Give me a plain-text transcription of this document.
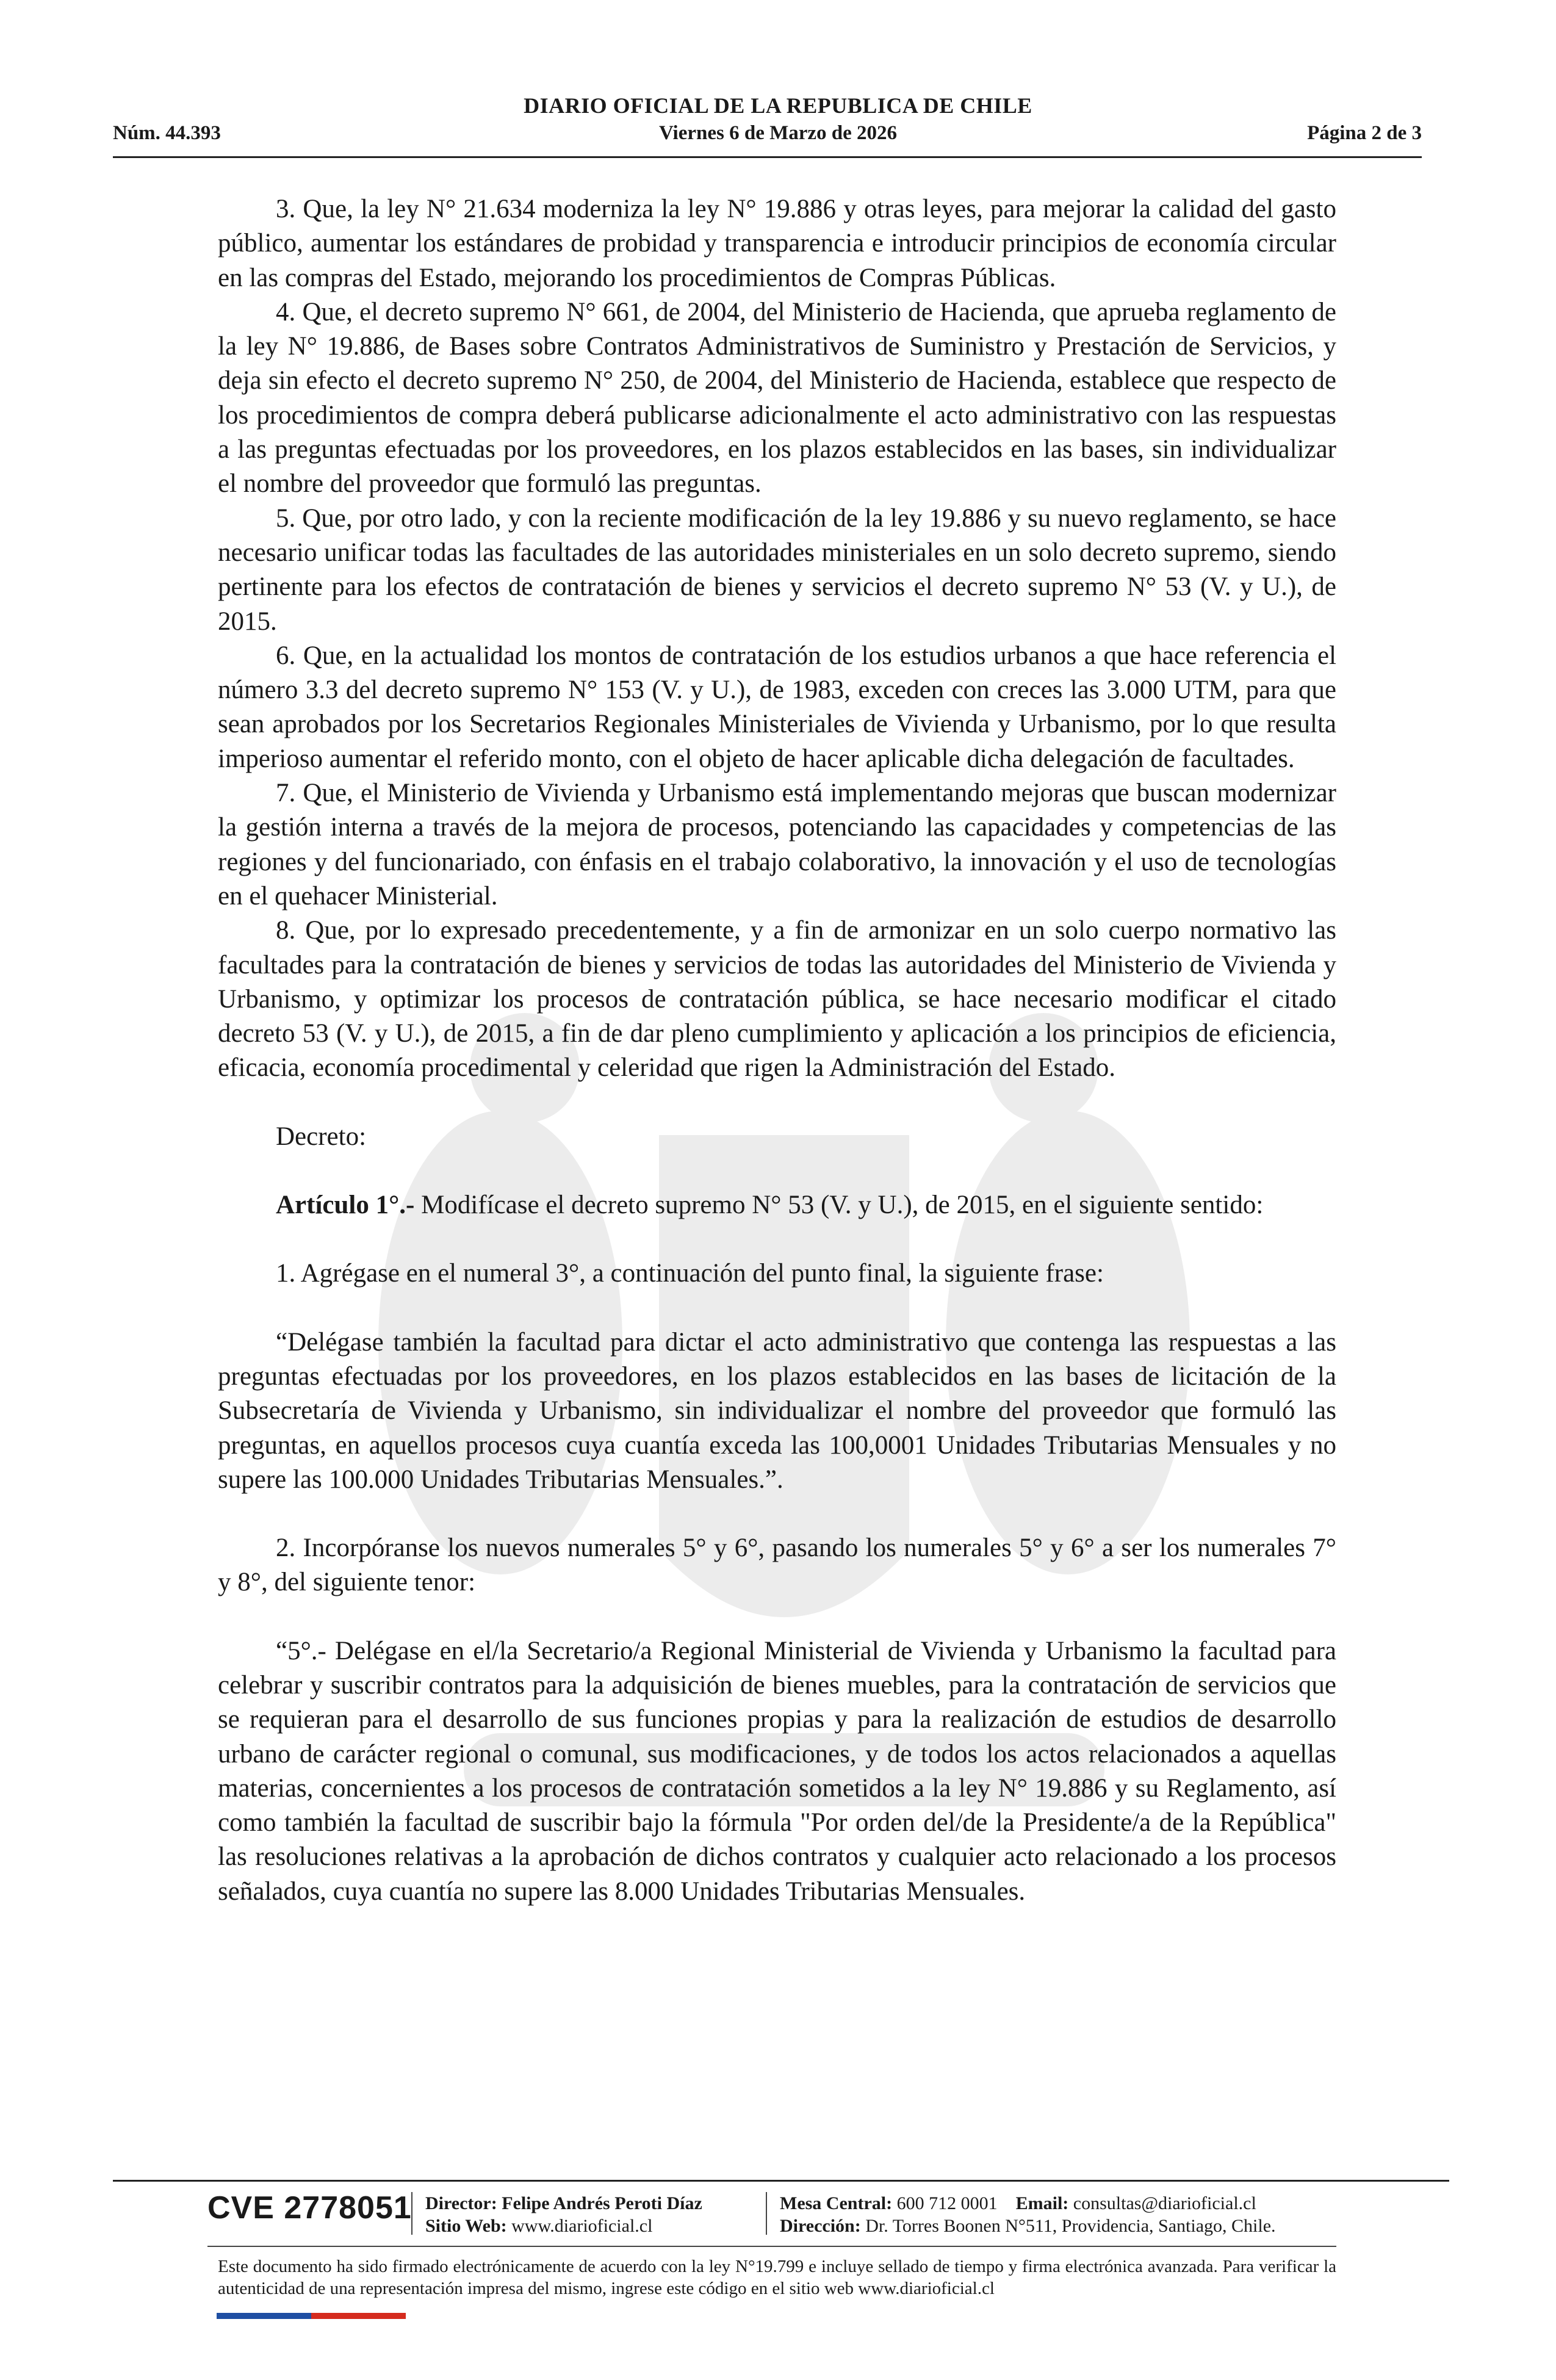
DIARIO OFICIAL DE LA REPUBLICA DE CHILE
Núm. 44.393	Viernes 6 de Marzo de 2026	Página 2 de 3

3. Que, la ley N° 21.634 moderniza la ley N° 19.886 y otras leyes, para mejorar la calidad del gasto público, aumentar los estándares de probidad y transparencia e introducir principios de economía circular en las compras del Estado, mejorando los procedimientos de Compras Públicas.

4. Que, el decreto supremo N° 661, de 2004, del Ministerio de Hacienda, que aprueba reglamento de la ley N° 19.886, de Bases sobre Contratos Administrativos de Suministro y Prestación de Servicios, y deja sin efecto el decreto supremo N° 250, de 2004, del Ministerio de Hacienda, establece que respecto de los procedimientos de compra deberá publicarse adicionalmente el acto administrativo con las respuestas a las preguntas efectuadas por los proveedores, en los plazos establecidos en las bases, sin individualizar el nombre del proveedor que formuló las preguntas.

5. Que, por otro lado, y con la reciente modificación de la ley 19.886 y su nuevo reglamento, se hace necesario unificar todas las facultades de las autoridades ministeriales en un solo decreto supremo, siendo pertinente para los efectos de contratación de bienes y servicios el decreto supremo N° 53 (V. y U.), de 2015.

6. Que, en la actualidad los montos de contratación de los estudios urbanos a que hace referencia el número 3.3 del decreto supremo N° 153 (V. y U.), de 1983, exceden con creces las 3.000 UTM, para que sean aprobados por los Secretarios Regionales Ministeriales de Vivienda y Urbanismo, por lo que resulta imperioso aumentar el referido monto, con el objeto de hacer aplicable dicha delegación de facultades.

7. Que, el Ministerio de Vivienda y Urbanismo está implementando mejoras que buscan modernizar la gestión interna a través de la mejora de procesos, potenciando las capacidades y competencias de las regiones y del funcionariado, con énfasis en el trabajo colaborativo, la innovación y el uso de tecnologías en el quehacer Ministerial.

8. Que, por lo expresado precedentemente, y a fin de armonizar en un solo cuerpo normativo las facultades para la contratación de bienes y servicios de todas las autoridades del Ministerio de Vivienda y Urbanismo, y optimizar los procesos de contratación pública, se hace necesario modificar el citado decreto 53 (V. y U.), de 2015, a fin de dar pleno cumplimiento y aplicación a los principios de eficiencia, eficacia, economía procedimental y celeridad que rigen la Administración del Estado.

Decreto:

Artículo 1°.- Modifícase el decreto supremo N° 53 (V. y U.), de 2015, en el siguiente sentido:

1. Agrégase en el numeral 3°, a continuación del punto final, la siguiente frase:

“Delégase también la facultad para dictar el acto administrativo que contenga las respuestas a las preguntas efectuadas por los proveedores, en los plazos establecidos en las bases de licitación de la Subsecretaría de Vivienda y Urbanismo, sin individualizar el nombre del proveedor que formuló las preguntas, en aquellos procesos cuya cuantía exceda las 100,0001 Unidades Tributarias Mensuales y no supere las 100.000 Unidades Tributarias Mensuales.”.

2. Incorpóranse los nuevos numerales 5° y 6°, pasando los numerales 5° y 6° a ser los numerales 7° y 8°, del siguiente tenor:

“5°.- Delégase en el/la Secretario/a Regional Ministerial de Vivienda y Urbanismo la facultad para celebrar y suscribir contratos para la adquisición de bienes muebles, para la contratación de servicios que se requieran para el desarrollo de sus funciones propias y para la realización de estudios de desarrollo urbano de carácter regional o comunal, sus modificaciones, y de todos los actos relacionados a aquellas materias, concernientes a los procesos de contratación sometidos a la ley N° 19.886 y su Reglamento, así como también la facultad de suscribir bajo la fórmula "Por orden del/de la Presidente/a de la República" las resoluciones relativas a la aprobación de dichos contratos y cualquier acto relacionado a los procesos señalados, cuya cuantía no supere las 8.000 Unidades Tributarias Mensuales.

CVE 2778051 Director: Felipe Andrés Peroti Díaz
Sitio Web: www.diarioficial.cl
Mesa Central: 600 712 0001 Email: consultas@diarioficial.cl
Dirección: Dr. Torres Boonen N°511, Providencia, Santiago, Chile.
Este documento ha sido firmado electrónicamente de acuerdo con la ley N°19.799 e incluye sellado de tiempo y firma electrónica avanzada. Para verificar la autenticidad de una representación impresa del mismo, ingrese este código en el sitio web www.diarioficial.cl
